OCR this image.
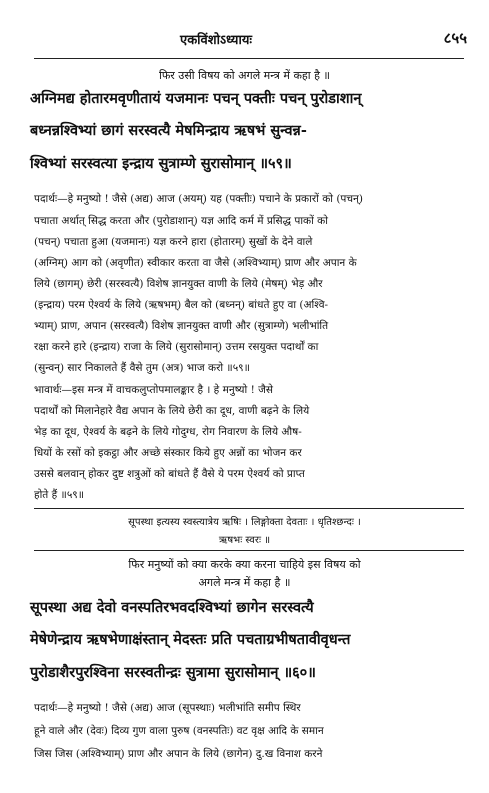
एकविंशोऽध्यायः	८५५
फिर उसी विषय को अगले मन्त्र में कहा है ॥
अग्निमद्य होतारमवृणीतायं यजमानः पचन् पक्तीः पचन् पुरोडाशान्
बध्नन्नश्विभ्यां छागं सरस्वत्यै मेषमिन्द्राय ऋषभं सुन्वन्न-
श्विभ्यां सरस्वत्या इन्द्राय सुत्राम्णे सुरासोमान् ॥५९॥
पदार्थः—हे मनुष्यो ! जैसे (अद्य) आज (अयम्) यह (पक्तीः) पचाने के प्रकारों को (पचन्)
पचाता अर्थात् सिद्ध करता और (पुरोडाशान्) यज्ञ आदि कर्म में प्रसिद्ध पाकों को
(पचन्) पचाता हुआ (यजमानः) यज्ञ करने हारा (होतारम्) सुखों के देने वाले
(अग्निम्) आग को (अवृणीत) स्वीकार करता वा जैसे (अश्विभ्याम्) प्राण और अपान के
लिये (छागम्) छेरी (सरस्वत्यै) विशेष ज्ञानयुक्त वाणी के लिये (मेषम्) भेड़ और
(इन्द्राय) परम ऐश्वर्य के लिये (ऋषभम्) बैल को (बध्नन्) बांधते हुए वा (अश्वि-
भ्याम्) प्राण, अपान (सरस्वत्यै) विशेष ज्ञानयुक्त वाणी और (सुत्राम्णे) भलीभांति
रक्षा करने हारे (इन्द्राय) राजा के लिये (सुरासोमान्) उत्तम रसयुक्त पदार्थों का
(सुन्वन्) सार निकालते हैं वैसे तुम (अत्र) भाज करो ॥५९॥
भावार्थः—इस मन्त्र में वाचकलुप्तोपमालङ्कार है । हे मनुष्यो ! जैसे
पदार्थों को मिलानेहारे वैद्य अपान के लिये छेरी का दूध, वाणी बढ़ने के लिये
भेड़ का दूध, ऐश्वर्य के बढ़ने के लिये गोदुग्ध, रोग निवारण के लिये औष-
धियों के रसों को इकट्ठा और अच्छे संस्कार किये हुए अन्नों का भोजन कर
उससे बलवान् होकर दुष्ट शत्रुओं को बांधते हैं वैसे ये परम ऐश्वर्य को प्राप्त
होते हैं ॥५९॥
सूपस्था इत्यस्य स्वस्त्यात्रेय ऋषिः । लिङ्गोक्ता देवताः । धृतिश्छन्दः ।
ऋषभः स्वरः ॥
फिर मनुष्यों को क्या करके क्या करना चाहिये इस विषय को
अगले मन्त्र में कहा है ॥
सूपस्था अद्य देवो वनस्पतिरभवदश्विभ्यां छागेन सरस्वत्यै
मेषेणेन्द्राय ऋषभेणाक्षंस्तान् मेदस्तः प्रति पचताग्रभीषतावीवृधन्त
पुरोडाशैरपुरश्विना सरस्वतीन्द्रः सुत्रामा सुरासोमान् ॥६०॥
पदार्थः—हे मनुष्यो ! जैसे (अद्य) आज (सूपस्थाः) भलीभांति समीप स्थिर
हूने वाले और (देवः) दिव्य गुण वाला पुरुष (वनस्पतिः) वट वृक्ष आदि के समान
जिस जिस (अश्विभ्याम्) प्राण और अपान के लिये (छागेन) दु.ख विनाश करने
